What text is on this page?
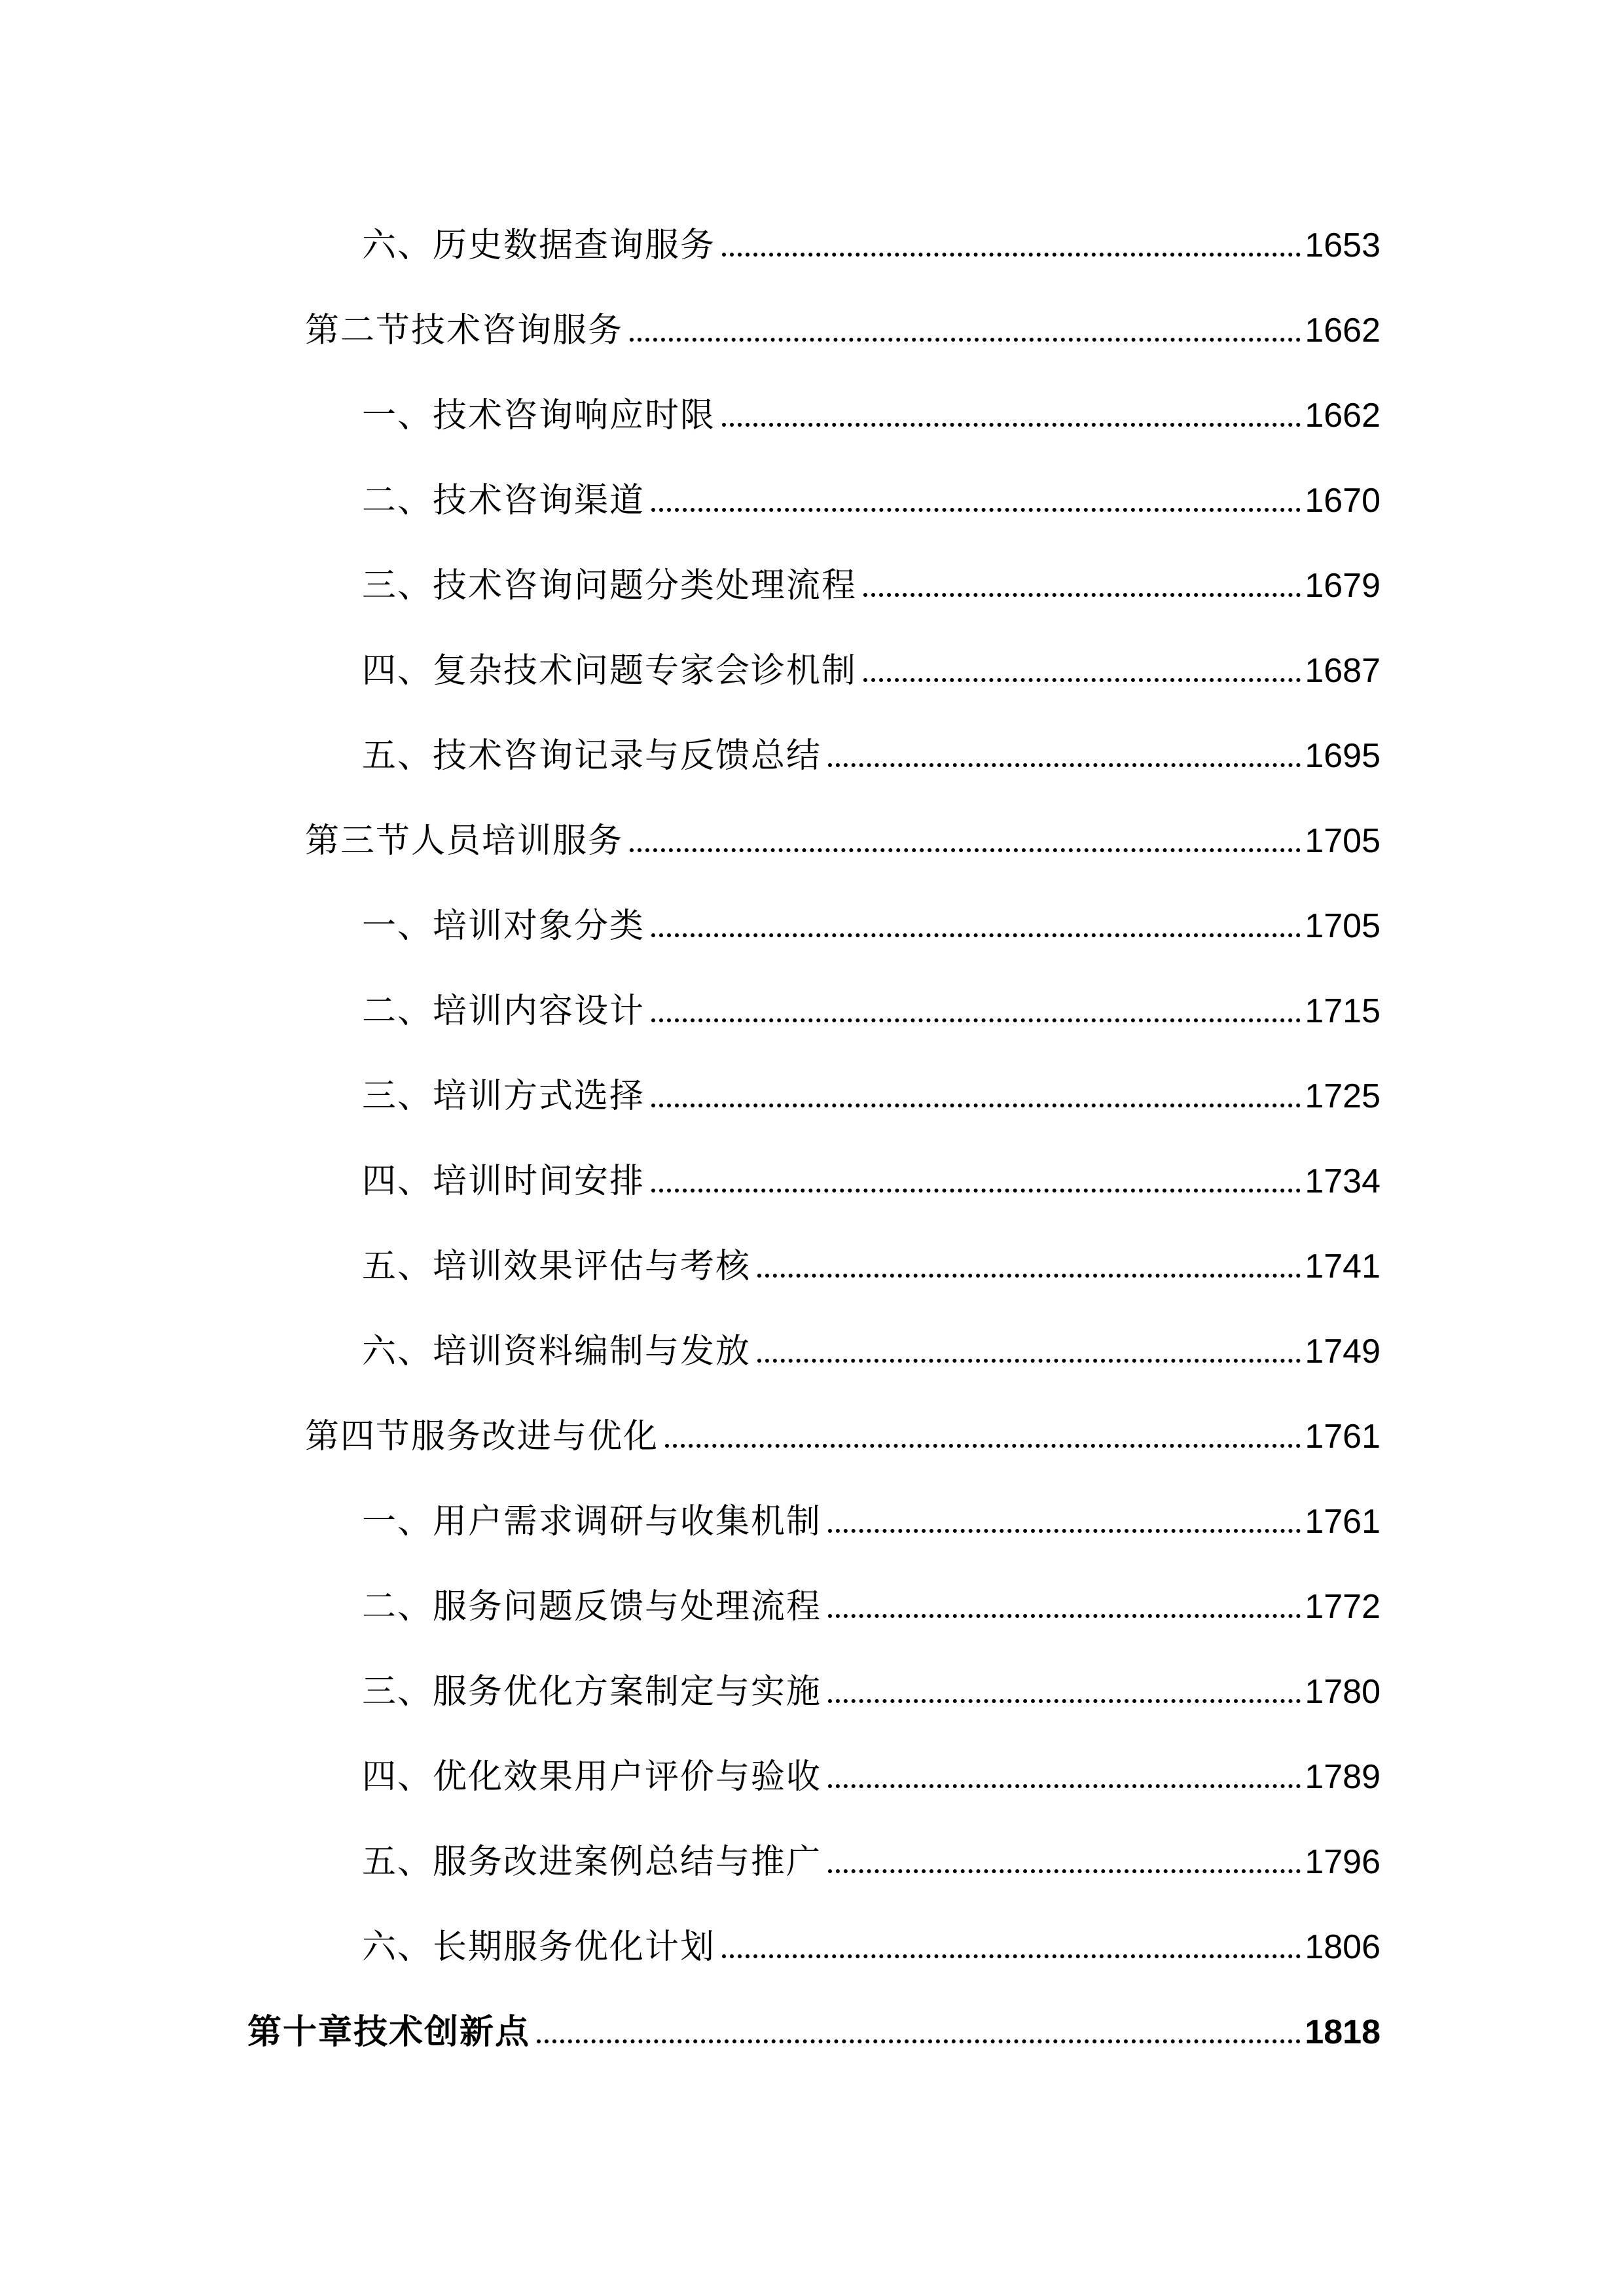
六、历史数据查询服务	1653
第二节技术咨询服务	1662
一、技术咨询响应时限	1662
二、技术咨询渠道	1670
三、技术咨询问题分类处理流程	1679
四、复杂技术问题专家会诊机制	1687
五、技术咨询记录与反馈总结	1695
第三节人员培训服务	1705
一、培训对象分类	1705
二、培训内容设计	1715
三、培训方式选择	1725
四、培训时间安排	1734
五、培训效果评估与考核	1741
六、培训资料编制与发放	1749
第四节服务改进与优化	1761
一、用户需求调研与收集机制	1761
二、服务问题反馈与处理流程	1772
三、服务优化方案制定与实施	1780
四、优化效果用户评价与验收	1789
五、服务改进案例总结与推广	1796
六、长期服务优化计划	1806
第十章技术创新点	1818
